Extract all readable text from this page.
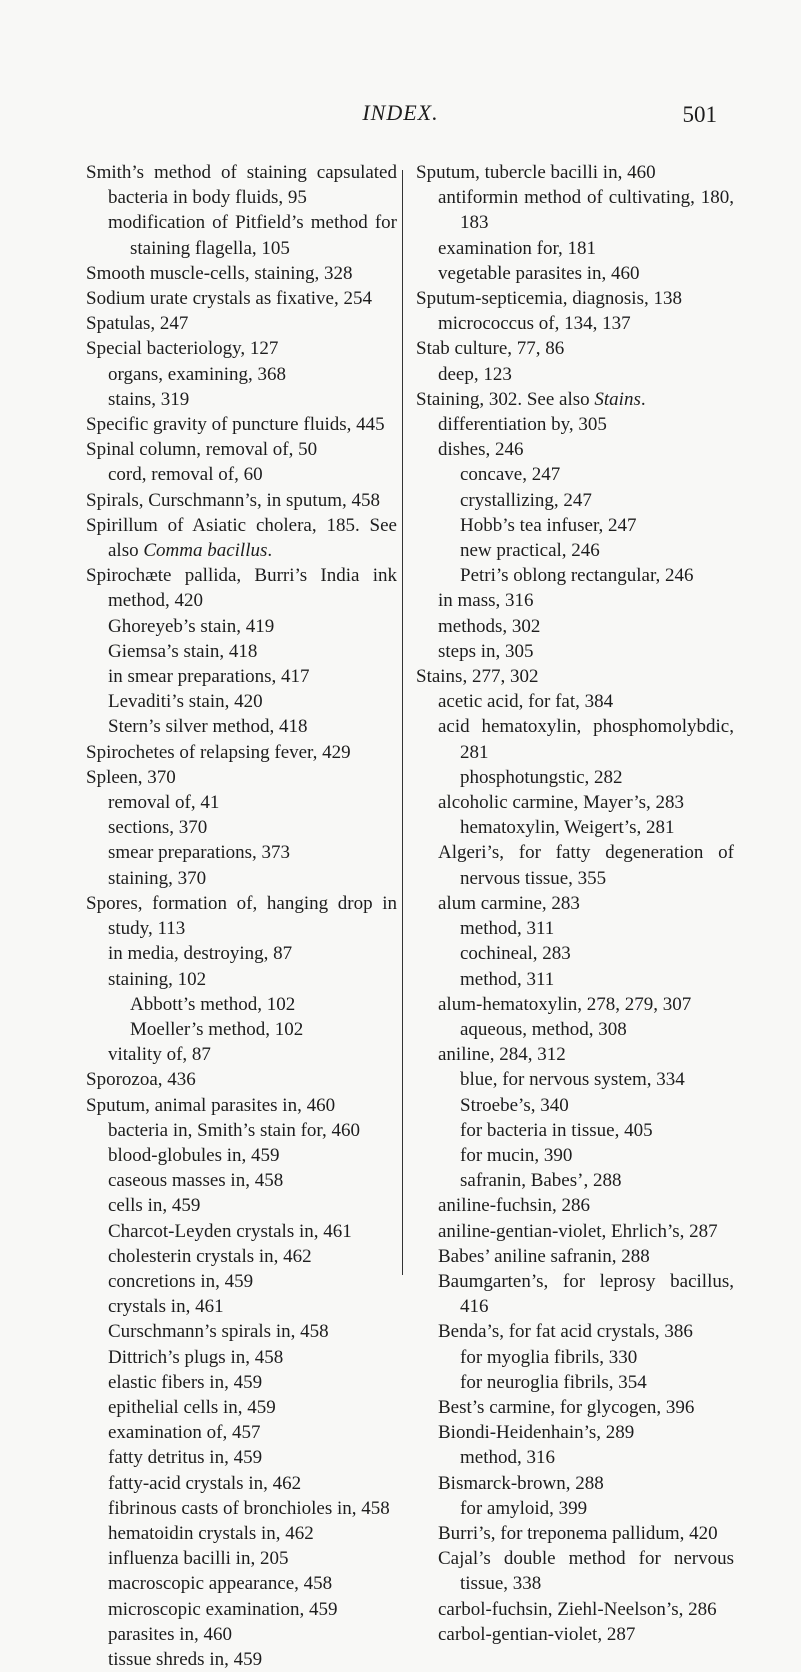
INDEX.	501
Smith’s method of staining capsulated bacteria in body fluids, 95
modification of Pitfield’s method for staining flagella, 105
Smooth muscle-cells, staining, 328
Sodium urate crystals as fixative, 254
Spatulas, 247
Special bacteriology, 127
organs, examining, 368
stains, 319
Specific gravity of puncture fluids, 445
Spinal column, removal of, 50
cord, removal of, 60
Spirals, Curschmann’s, in sputum, 458
Spirillum of Asiatic cholera, 185. See also Comma bacillus.
Spirochæte pallida, Burri’s India ink method, 420
Ghoreyeb’s stain, 419
Giemsa’s stain, 418
in smear preparations, 417
Levaditi’s stain, 420
Stern’s silver method, 418
Spirochetes of relapsing fever, 429
Spleen, 370
removal of, 41
sections, 370
smear preparations, 373
staining, 370
Spores, formation of, hanging drop in study, 113
in media, destroying, 87
staining, 102
Abbott’s method, 102
Moeller’s method, 102
vitality of, 87
Sporozoa, 436
Sputum, animal parasites in, 460
bacteria in, Smith’s stain for, 460
blood-globules in, 459
caseous masses in, 458
cells in, 459
Charcot-Leyden crystals in, 461
cholesterin crystals in, 462
concretions in, 459
crystals in, 461
Curschmann’s spirals in, 458
Dittrich’s plugs in, 458
elastic fibers in, 459
epithelial cells in, 459
examination of, 457
fatty detritus in, 459
fatty-acid crystals in, 462
fibrinous casts of bronchioles in, 458
hematoidin crystals in, 462
influenza bacilli in, 205
macroscopic appearance, 458
microscopic examination, 459
parasites in, 460
tissue shreds in, 459
Sputum, tubercle bacilli in, 460
antiformin method of cultivating, 180, 183
examination for, 181
vegetable parasites in, 460
Sputum-septicemia, diagnosis, 138
micrococcus of, 134, 137
Stab culture, 77, 86
deep, 123
Staining, 302. See also Stains.
differentiation by, 305
dishes, 246
concave, 247
crystallizing, 247
Hobb’s tea infuser, 247
new practical, 246
Petri’s oblong rectangular, 246
in mass, 316
methods, 302
steps in, 305
Stains, 277, 302
acetic acid, for fat, 384
acid hematoxylin, phosphomolybdic, 281
phosphotungstic, 282
alcoholic carmine, Mayer’s, 283
hematoxylin, Weigert’s, 281
Algeri’s, for fatty degeneration of nervous tissue, 355
alum carmine, 283
method, 311
cochineal, 283
method, 311
alum-hematoxylin, 278, 279, 307
aqueous, method, 308
aniline, 284, 312
blue, for nervous system, 334
Stroebe’s, 340
for bacteria in tissue, 405
for mucin, 390
safranin, Babes’, 288
aniline-fuchsin, 286
aniline-gentian-violet, Ehrlich’s, 287
Babes’ aniline safranin, 288
Baumgarten’s, for leprosy bacillus, 416
Benda’s, for fat acid crystals, 386
for myoglia fibrils, 330
for neuroglia fibrils, 354
Best’s carmine, for glycogen, 396
Biondi-Heidenhain’s, 289
method, 316
Bismarck-brown, 288
for amyloid, 399
Burri’s, for treponema pallidum, 420
Cajal’s double method for nervous tissue, 338
carbol-fuchsin, Ziehl-Neelson’s, 286
carbol-gentian-violet, 287
